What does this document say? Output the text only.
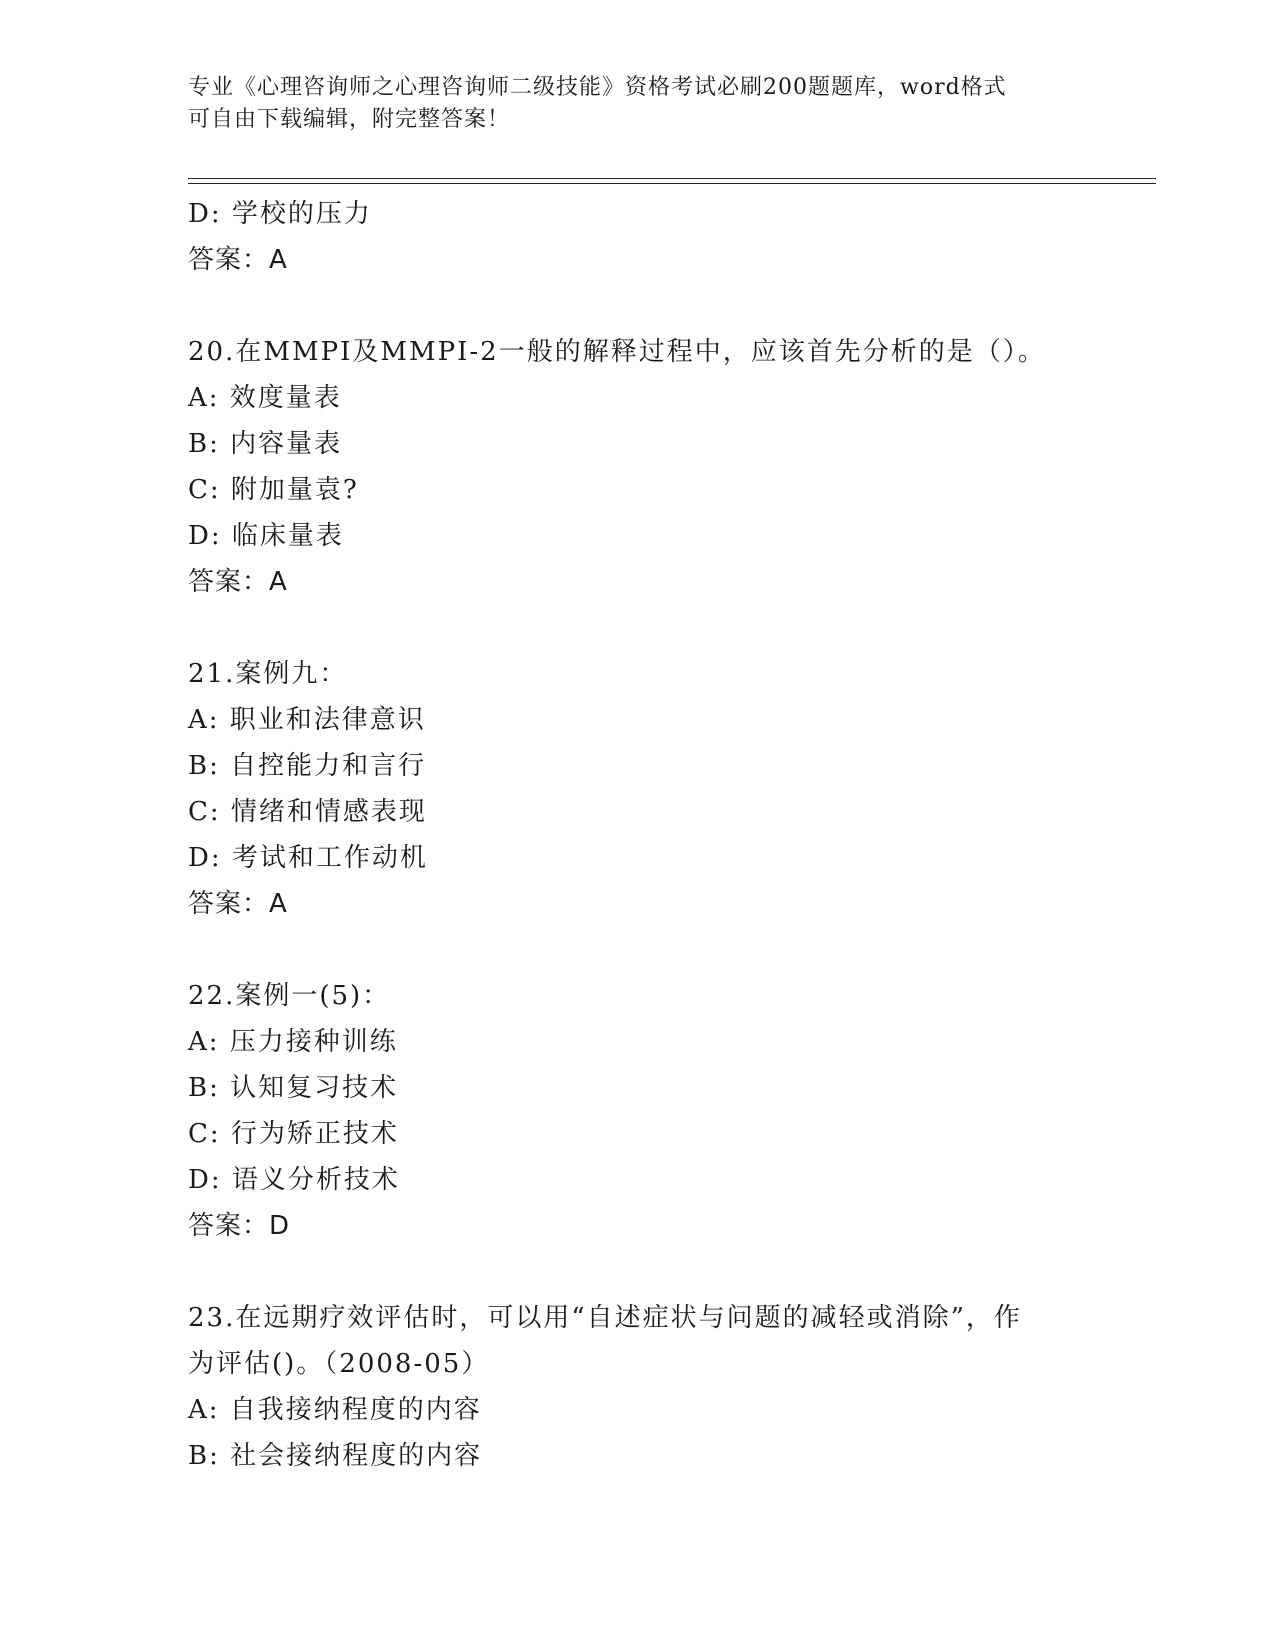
专业《心理咨询师之心理咨询师二级技能》资格考试必刷200题题库，word格式
可自由下载编辑，附完整答案！
D: 学校的压力
答案：A
20.在MMPI及MMPI-2一般的解释过程中，应该首先分析的是（）。
A: 效度量表
B: 内容量表
C: 附加量袁?
D: 临床量表
答案：A
21.案例九：
A: 职业和法律意识
B: 自控能力和言行
C: 情绪和情感表现
D: 考试和工作动机
答案：A
22.案例一(5)：
A: 压力接种训练
B: 认知复习技术
C: 行为矫正技术
D: 语义分析技术
答案：D
23.在远期疗效评估时，可以用“自述症状与问题的减轻或消除”，作
为评估()。（2008-05）
A: 自我接纳程度的内容
B: 社会接纳程度的内容
